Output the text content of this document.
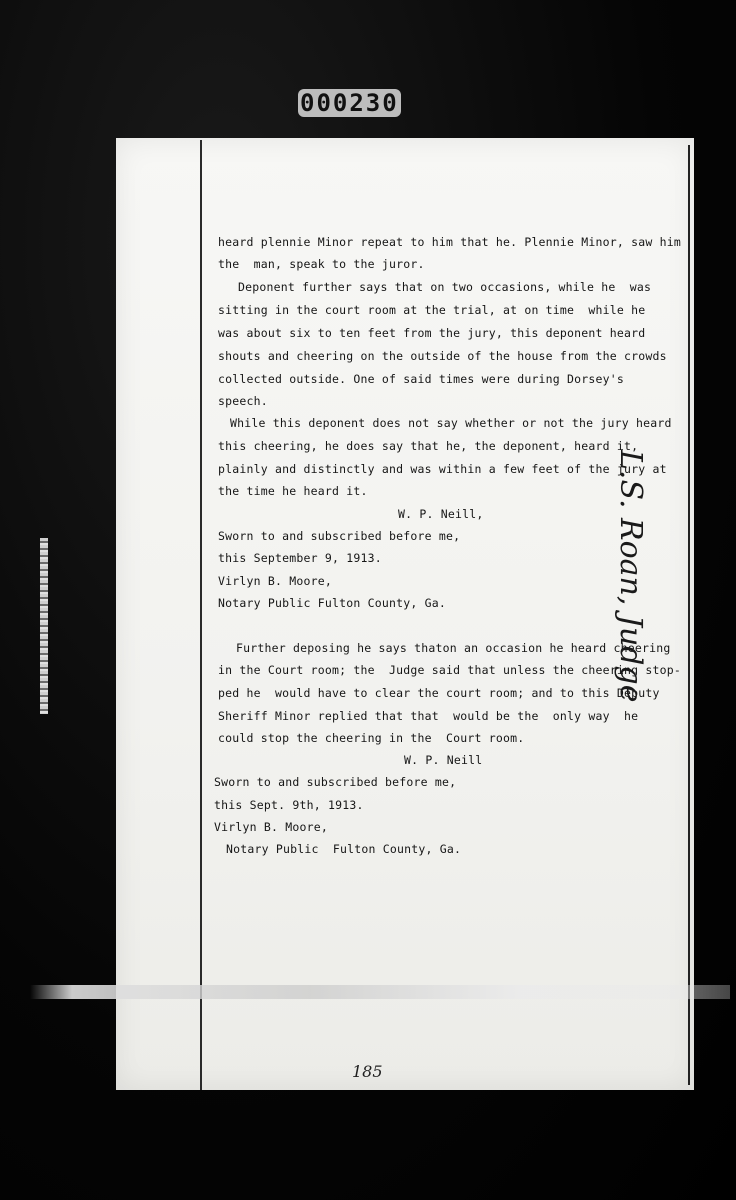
000230
heard plennie Minor repeat to him that he. Plennie Minor, saw him
the  man, speak to the juror.
Deponent further says that on two occasions, while he  was
sitting in the court room at the trial, at on time  while he
was about six to ten feet from the jury, this deponent heard
shouts and cheering on the outside of the house from the crowds
collected outside. One of said times were during Dorsey's
speech.
While this deponent does not say whether or not the jury heard
this cheering, he does say that he, the deponent, heard it,
plainly and distinctly and was within a few feet of the jury at
the time he heard it.
W. P. Neill,
Sworn to and subscribed before me,
this September 9, 1913.
Virlyn B. Moore,
Notary Public Fulton County, Ga.
Further deposing he says thaton an occasion he heard cheering
in the Court room; the  Judge said that unless the cheering stop-
ped he  would have to clear the court room; and to this Deputy
Sheriff Minor replied that that  would be the  only way  he
could stop the cheering in the  Court room.
W. P. Neill
Sworn to and subscribed before me,
this Sept. 9th, 1913.
Virlyn B. Moore,
Notary Public  Fulton County, Ga.
L.S. Roan, Judge
185
